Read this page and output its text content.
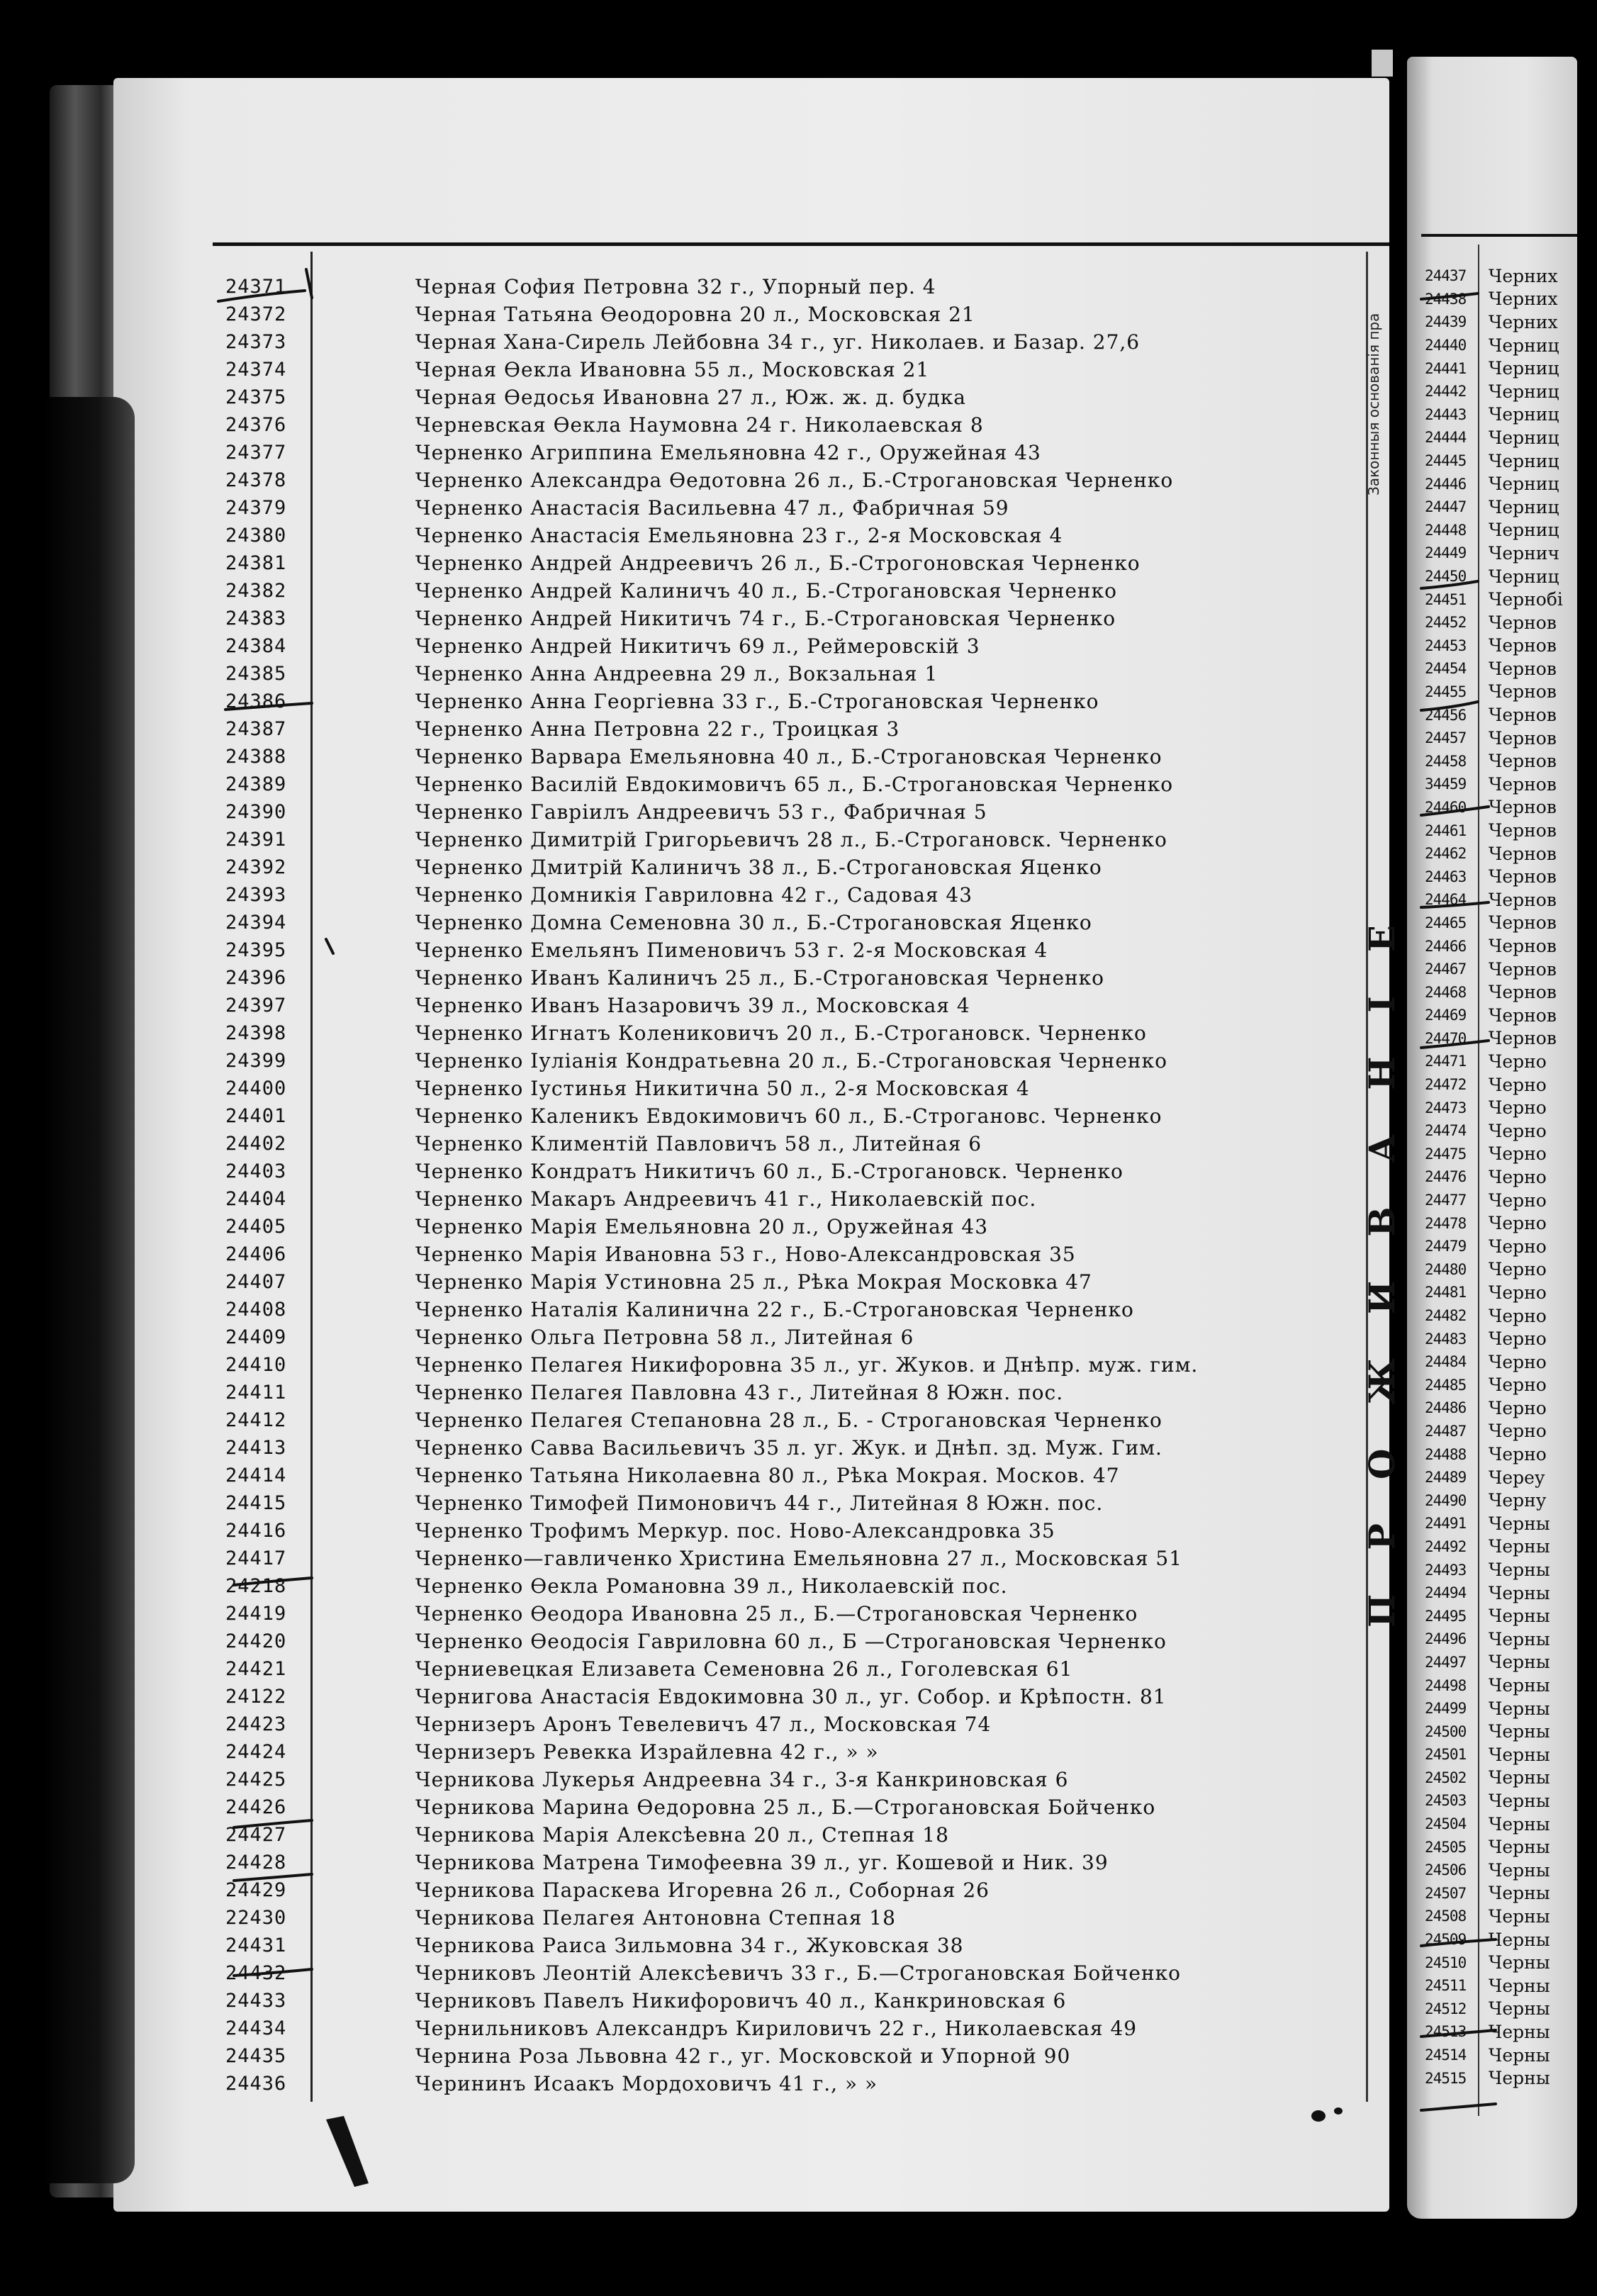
Законныя основанія пра
ПРОЖИВАНІЕ
24371	Черная София Петровна 32 г., Упорный пер. 4
24372	Черная Татьяна Өеодоровна 20 л., Московская 21
24373	Черная Хана-Сирель Лейбовна 34 г., уг. Николаев. и Базар. 27,6
24374	Черная Өекла Ивановна 55 л., Московская 21
24375	Черная Өедосья Ивановна 27 л., Юж. ж. д. будка
24376	Черневская Өекла Наумовна 24 г. Николаевская 8
24377	Черненко Агриппина Емельяновна 42 г., Оружейная 43
24378	Черненко Александра Өедотовна 26 л., Б.-Строгановская Черненко
24379	Черненко Анастасія Васильевна 47 л., Фабричная 59
24380	Черненко Анастасія Емельяновна 23 г., 2-я Московская 4
24381	Черненко Андрей Андреевичъ 26 л., Б.-Строгоновская Черненко
24382	Черненко Андрей Калиничъ 40 л., Б.-Строгановская Черненко
24383	Черненко Андрей Никитичъ 74 г., Б.-Строгановская Черненко
24384	Черненко Андрей Никитичъ 69 л., Реймеровскій 3
24385	Черненко Анна Андреевна 29 л., Вокзальная 1
24386	Черненко Анна Георгіевна 33 г., Б.-Строгановская Черненко
24387	Черненко Анна Петровна 22 г., Троицкая 3
24388	Черненко Варвара Емельяновна 40 л., Б.-Строгановская Черненко
24389	Черненко Василій Евдокимовичъ 65 л., Б.-Строгановская Черненко
24390	Черненко Гавріилъ Андреевичъ 53 г., Фабричная 5
24391	Черненко Димитрій Григорьевичъ 28 л., Б.-Строгановск. Черненко
24392	Черненко Дмитрій Калиничъ 38 л., Б.-Строгановская Яценко
24393	Черненко Домникія Гавриловна 42 г., Садовая 43
24394	Черненко Домна Семеновна 30 л., Б.-Строгановская Яценко
24395	Черненко Емельянъ Пименовичъ 53 г. 2-я Московская 4
24396	Черненко Иванъ Калиничъ 25 л., Б.-Строгановская Черненко
24397	Черненко Иванъ Назаровичъ 39 л., Московская 4
24398	Черненко Игнатъ Колениковичъ 20 л., Б.-Строгановск. Черненко
24399	Черненко Іуліанія Кондратьевна 20 л., Б.-Строгановская Черненко
24400	Черненко Іустинья Никитична 50 л., 2-я Московская 4
24401	Черненко Каленикъ Евдокимовичъ 60 л., Б.-Строгановс. Черненко
24402	Черненко Климентій Павловичъ 58 л., Литейная 6
24403	Черненко Кондратъ Никитичъ 60 л., Б.-Строгановск. Черненко
24404	Черненко Макаръ Андреевичъ 41 г., Николаевскій пос.
24405	Черненко Марія Емельяновна 20 л., Оружейная 43
24406	Черненко Марія Ивановна 53 г., Ново-Александровская 35
24407	Черненко Марія Устиновна 25 л., Рѣка Мокрая Московка 47
24408	Черненко Наталія Калинична 22 г., Б.-Строгановская Черненко
24409	Черненко Ольга Петровна 58 л., Литейная 6
24410	Черненко Пелагея Никифоровна 35 л., уг. Жуков. и Днѣпр. муж. гим.
24411	Черненко Пелагея Павловна 43 г., Литейная 8 Южн. пос.
24412	Черненко Пелагея Степановна 28 л., Б. - Строгановская Черненко
24413	Черненко Савва Васильевичъ 35 л. уг. Жук. и Днѣп. зд. Муж. Гим.
24414	Черненко Татьяна Николаевна 80 л., Рѣка Мокрая. Москов. 47
24415	Черненко Тимофей Пимоновичъ 44 г., Литейная 8 Южн. пос.
24416	Черненко Трофимъ Меркур. пос. Ново-Александровка 35
24417	Черненко—гавличенко Христина Емельяновна 27 л., Московская 51
24218	Черненко Өекла Романовна 39 л., Николаевскій пос.
24419	Черненко Өеодора Ивановна 25 л., Б.—Строгановская Черненко
24420	Черненко Өеодосія Гавриловна 60 л., Б —Строгановская Черненко
24421	Черниевецкая Елизавета Семеновна 26 л., Гоголевская 61
24122	Чернигова Анастасія Евдокимовна 30 л., уг. Собор. и Крѣпостн. 81
24423	Чернизеръ Аронъ Тевелевичъ 47 л., Московская 74
24424	Чернизеръ Ревекка Израйлевна 42 г., » »
24425	Черникова Лукерья Андреевна 34 г., 3-я Канкриновская 6
24426	Черникова Марина Өедоровна 25 л., Б.—Строгановская Бойченко
24427	Черникова Марія Алексѣевна 20 л., Степная 18
24428	Черникова Матрена Тимофеевна 39 л., уг. Кошевой и Ник. 39
24429	Черникова Параскева Игоревна 26 л., Соборная 26
22430	Черникова Пелагея Антоновна Степная 18
24431	Черникова Раиса Зильмовна 34 г., Жуковская 38
24432	Черниковъ Леонтій Алексѣевичъ 33 г., Б.—Строгановская Бойченко
24433	Черниковъ Павелъ Никифоровичъ 40 л., Канкриновская 6
24434	Чернильниковъ Александръ Кириловичъ 22 г., Николаевская 49
24435	Чернина Роза Львовна 42 г., уг. Московской и Упорной 90
24436	Черининъ Исаакъ Мордоховичъ 41 г., » »
24437	Черних
24438	Черних
24439	Черних
24440	Черниц
24441	Черниц
24442	Черниц
24443	Черниц
24444	Черниц
24445	Черниц
24446	Черниц
24447	Черниц
24448	Черниц
24449	Чернич
24450	Черниц
24451	Чернобі
24452	Чернов
24453	Чернов
24454	Чернов
24455	Чернов
24456	Чернов
24457	Чернов
24458	Чернов
34459	Чернов
24460	Чернов
24461	Чернов
24462	Чернов
24463	Чернов
24464	Чернов
24465	Чернов
24466	Чернов
24467	Чернов
24468	Чернов
24469	Чернов
24470	Чернов
24471	Черно
24472	Черно
24473	Черно
24474	Черно
24475	Черно
24476	Черно
24477	Черно
24478	Черно
24479	Черно
24480	Черно
24481	Черно
24482	Черно
24483	Черно
24484	Черно
24485	Черно
24486	Черно
24487	Черно
24488	Черно
24489	Череу
24490	Черну
24491	Черны
24492	Черны
24493	Черны
24494	Черны
24495	Черны
24496	Черны
24497	Черны
24498	Черны
24499	Черны
24500	Черны
24501	Черны
24502	Черны
24503	Черны
24504	Черны
24505	Черны
24506	Черны
24507	Черны
24508	Черны
24509	Черны
24510	Черны
24511	Черны
24512	Черны
24513	Черны
24514	Черны
24515	Черны
